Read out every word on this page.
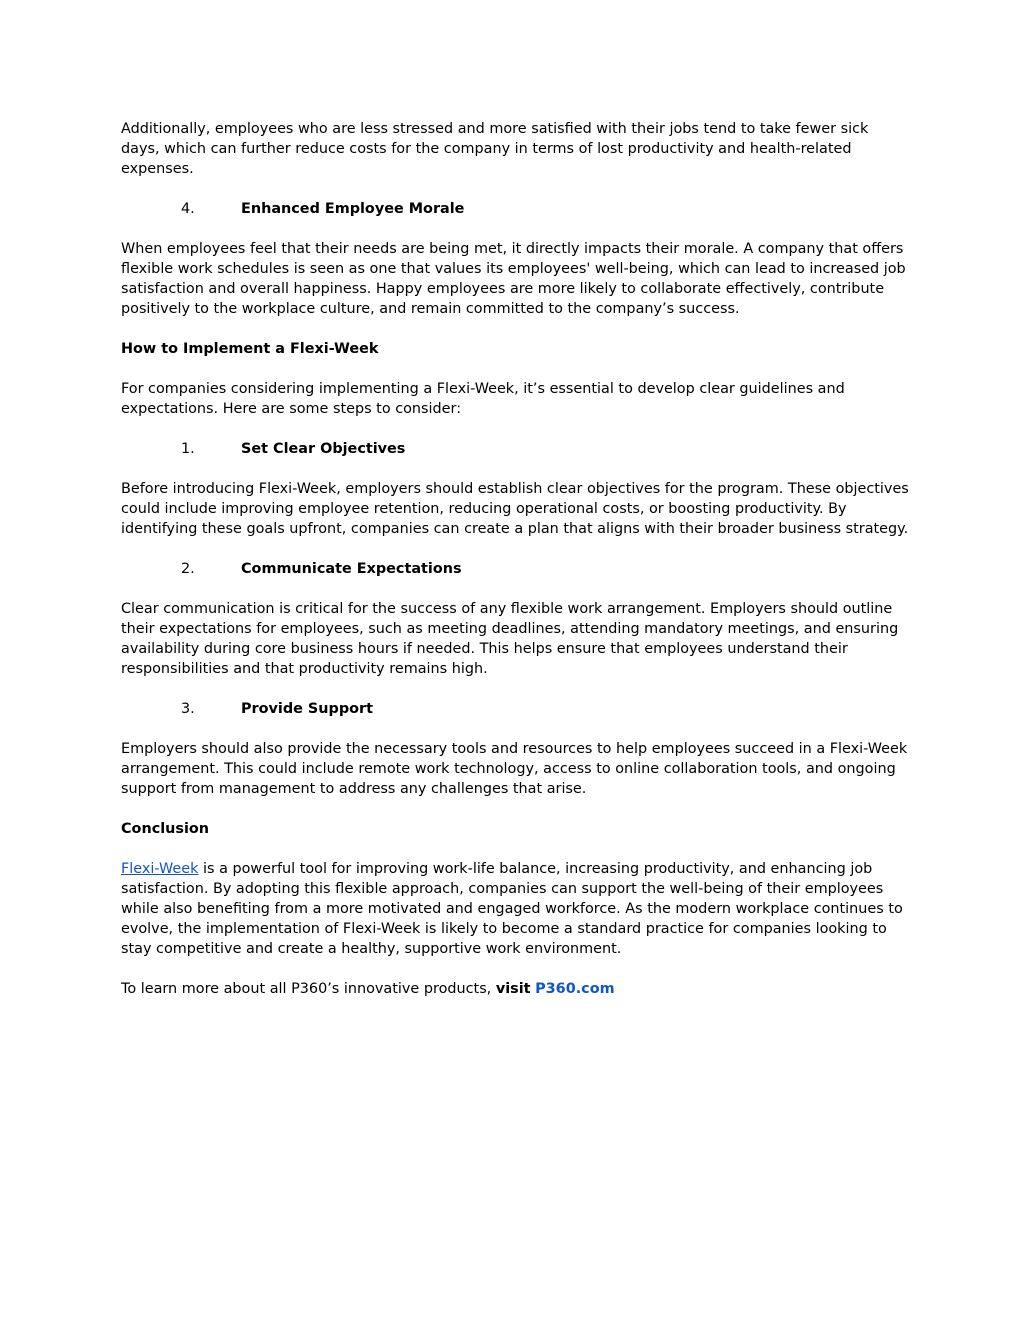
Additionally, employees who are less stressed and more satisfied with their jobs tend to take fewer sick days, which can further reduce costs for the company in terms of lost productivity and health-related expenses.

4.	Enhanced Employee Morale

When employees feel that their needs are being met, it directly impacts their morale. A company that offers flexible work schedules is seen as one that values its employees' well-being, which can lead to increased job satisfaction and overall happiness. Happy employees are more likely to collaborate effectively, contribute positively to the workplace culture, and remain committed to the company’s success.

How to Implement a Flexi-Week

For companies considering implementing a Flexi-Week, it’s essential to develop clear guidelines and expectations. Here are some steps to consider:

1.	Set Clear Objectives

Before introducing Flexi-Week, employers should establish clear objectives for the program. These objectives could include improving employee retention, reducing operational costs, or boosting productivity. By identifying these goals upfront, companies can create a plan that aligns with their broader business strategy.

2.	Communicate Expectations

Clear communication is critical for the success of any flexible work arrangement. Employers should outline their expectations for employees, such as meeting deadlines, attending mandatory meetings, and ensuring availability during core business hours if needed. This helps ensure that employees understand their responsibilities and that productivity remains high.

3.	Provide Support

Employers should also provide the necessary tools and resources to help employees succeed in a Flexi-Week arrangement. This could include remote work technology, access to online collaboration tools, and ongoing support from management to address any challenges that arise.

Conclusion

Flexi-Week is a powerful tool for improving work-life balance, increasing productivity, and enhancing job satisfaction. By adopting this flexible approach, companies can support the well-being of their employees while also benefiting from a more motivated and engaged workforce. As the modern workplace continues to evolve, the implementation of Flexi-Week is likely to become a standard practice for companies looking to stay competitive and create a healthy, supportive work environment.

To learn more about all P360’s innovative products, visit P360.com
